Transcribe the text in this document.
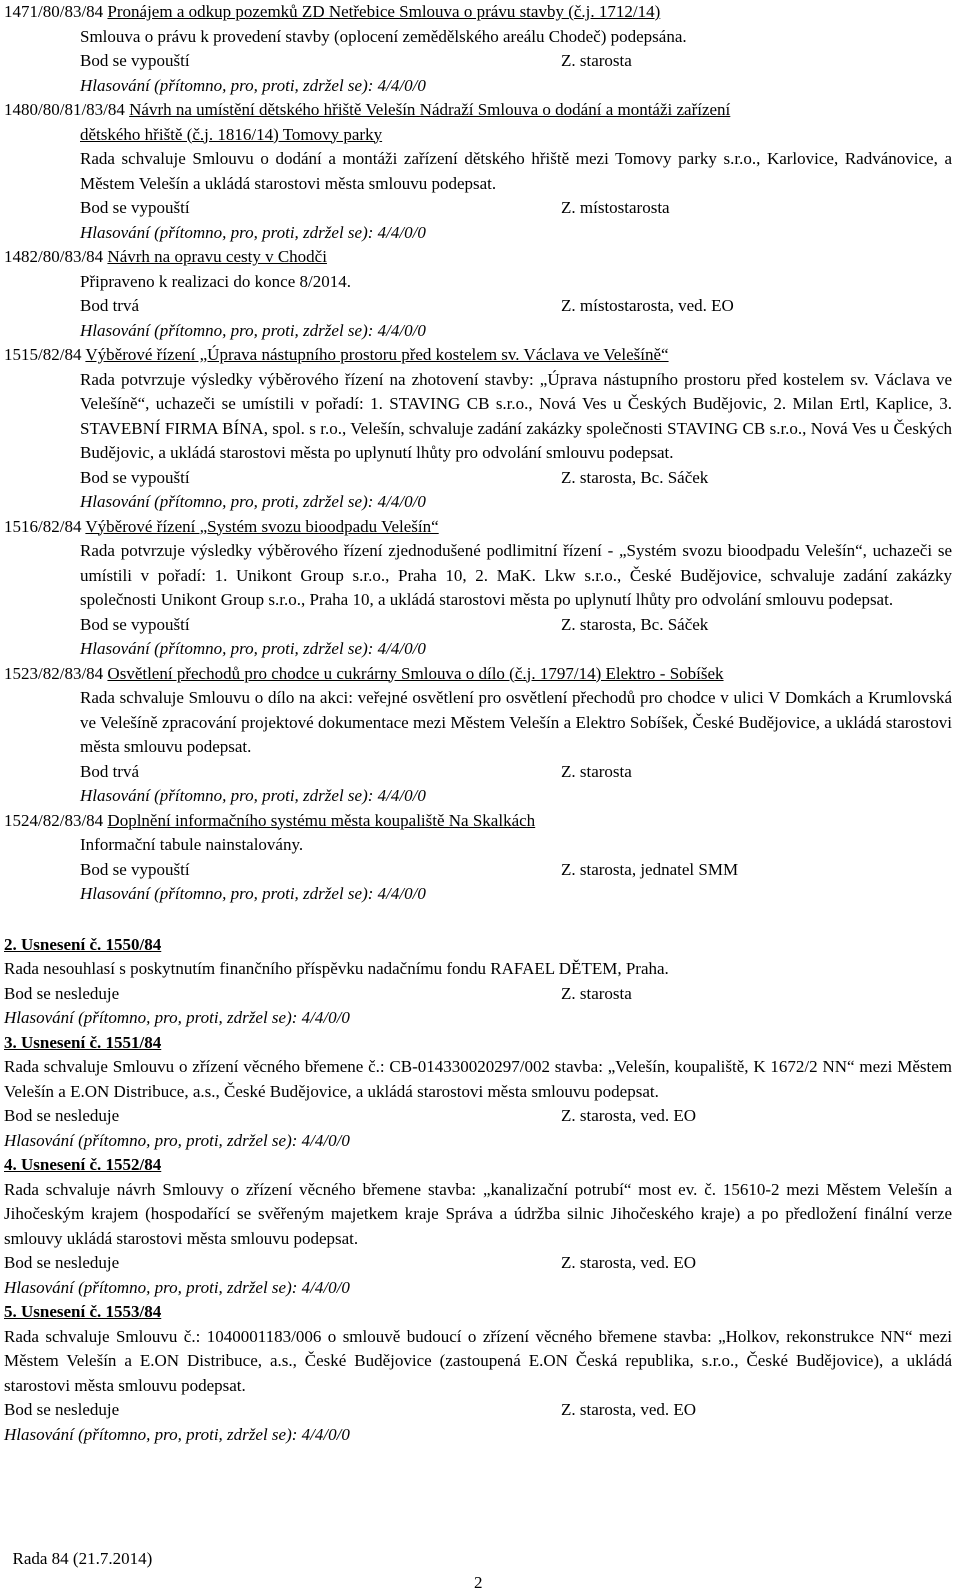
1471/80/83/84 Pronájem a odkup pozemků ZD Netřebice Smlouva o právu stavby (č.j. 1712/14)
Smlouva o právu k provedení stavby (oplocení zemědělského areálu Chodeč) podepsána.
Bod se vypouští	Z. starosta
Hlasování (přítomno, pro, proti, zdržel se): 4/4/0/0
1480/80/81/83/84 Návrh na umístění dětského hřiště Velešín Nádraží Smlouva o dodání a montáži zařízení
dětského hřiště (č.j. 1816/14) Tomovy parky
Rada schvaluje Smlouvu o dodání a montáži zařízení dětského hřiště mezi Tomovy parky s.r.o., Karlovice, Radvánovice, a Městem Velešín a ukládá starostovi města smlouvu podepsat.
Bod se vypouští	Z. místostarosta
Hlasování (přítomno, pro, proti, zdržel se): 4/4/0/0
1482/80/83/84 Návrh na opravu cesty v Chodči
Připraveno k realizaci do konce 8/2014.
Bod trvá	Z. místostarosta, ved. EO
Hlasování (přítomno, pro, proti, zdržel se): 4/4/0/0
1515/82/84 Výběrové řízení „Úprava nástupního prostoru před kostelem sv. Václava ve Velešíně“
Rada potvrzuje výsledky výběrového řízení na zhotovení stavby: „Úprava nástupního prostoru před kostelem sv. Václava ve Velešíně“, uchazeči se umístili v pořadí: 1. STAVING CB s.r.o., Nová Ves u Českých Budějovic, 2. Milan Ertl, Kaplice, 3. STAVEBNÍ FIRMA BÍNA, spol. s r.o., Velešín, schvaluje zadání zakázky společnosti STAVING CB s.r.o., Nová Ves u Českých Budějovic, a ukládá starostovi města po uplynutí lhůty pro odvolání smlouvu podepsat.
Bod se vypouští	Z. starosta, Bc. Sáček
Hlasování (přítomno, pro, proti, zdržel se): 4/4/0/0
1516/82/84 Výběrové řízení „Systém svozu bioodpadu Velešín“
Rada potvrzuje výsledky výběrového řízení zjednodušené podlimitní řízení - „Systém svozu bioodpadu Velešín“, uchazeči se umístili v pořadí: 1. Unikont Group s.r.o., Praha 10, 2. MaK. Lkw s.r.o., České Budějovice, schvaluje zadání zakázky společnosti Unikont Group s.r.o., Praha 10, a ukládá starostovi města po uplynutí lhůty pro odvolání smlouvu podepsat.
Bod se vypouští	Z. starosta, Bc. Sáček
Hlasování (přítomno, pro, proti, zdržel se): 4/4/0/0
1523/82/83/84 Osvětlení přechodů pro chodce u cukrárny Smlouva o dílo (č.j. 1797/14) Elektro - Sobíšek
Rada schvaluje Smlouvu o dílo na akci: veřejné osvětlení pro osvětlení přechodů pro chodce v ulici V Domkách a Krumlovská ve Velešíně zpracování projektové dokumentace mezi Městem Velešín a Elektro Sobíšek, České Budějovice, a ukládá starostovi města smlouvu podepsat.
Bod trvá	Z. starosta
Hlasování (přítomno, pro, proti, zdržel se): 4/4/0/0
1524/82/83/84 Doplnění informačního systému města koupaliště Na Skalkách
Informační tabule nainstalovány.
Bod se vypouští	Z. starosta, jednatel SMM
Hlasování (přítomno, pro, proti, zdržel se): 4/4/0/0
2. Usnesení č. 1550/84
Rada nesouhlasí s poskytnutím finančního příspěvku nadačnímu fondu RAFAEL DĚTEM, Praha.
Bod se nesleduje	Z. starosta
Hlasování (přítomno, pro, proti, zdržel se): 4/4/0/0
3. Usnesení č. 1551/84
Rada schvaluje Smlouvu o zřízení věcného břemene č.: CB-014330020297/002 stavba: „Velešín, koupaliště, K 1672/2 NN“ mezi Městem Velešín a E.ON Distribuce, a.s., České Budějovice, a ukládá starostovi města smlouvu podepsat.
Bod se nesleduje	Z. starosta, ved. EO
Hlasování (přítomno, pro, proti, zdržel se): 4/4/0/0
4. Usnesení č. 1552/84
Rada schvaluje návrh Smlouvy o zřízení věcného břemene stavba: „kanalizační potrubí“ most ev. č. 15610-2 mezi Městem Velešín a Jihočeským krajem (hospodařící se svěřeným majetkem kraje Správa a údržba silnic Jihočeského kraje) a po předložení finální verze smlouvy ukládá starostovi města smlouvu podepsat.
Bod se nesleduje	Z. starosta, ved. EO
Hlasování (přítomno, pro, proti, zdržel se): 4/4/0/0
5. Usnesení č. 1553/84
Rada schvaluje Smlouvu č.: 1040001183/006 o smlouvě budoucí o zřízení věcného břemene stavba: „Holkov, rekonstrukce NN“ mezi Městem Velešín a E.ON Distribuce, a.s., České Budějovice (zastoupená E.ON Česká republika, s.r.o., České Budějovice), a ukládá starostovi města smlouvu podepsat.
Bod se nesleduje	Z. starosta, ved. EO
Hlasování (přítomno, pro, proti, zdržel se): 4/4/0/0

Rada 84 (21.7.2014)

2
